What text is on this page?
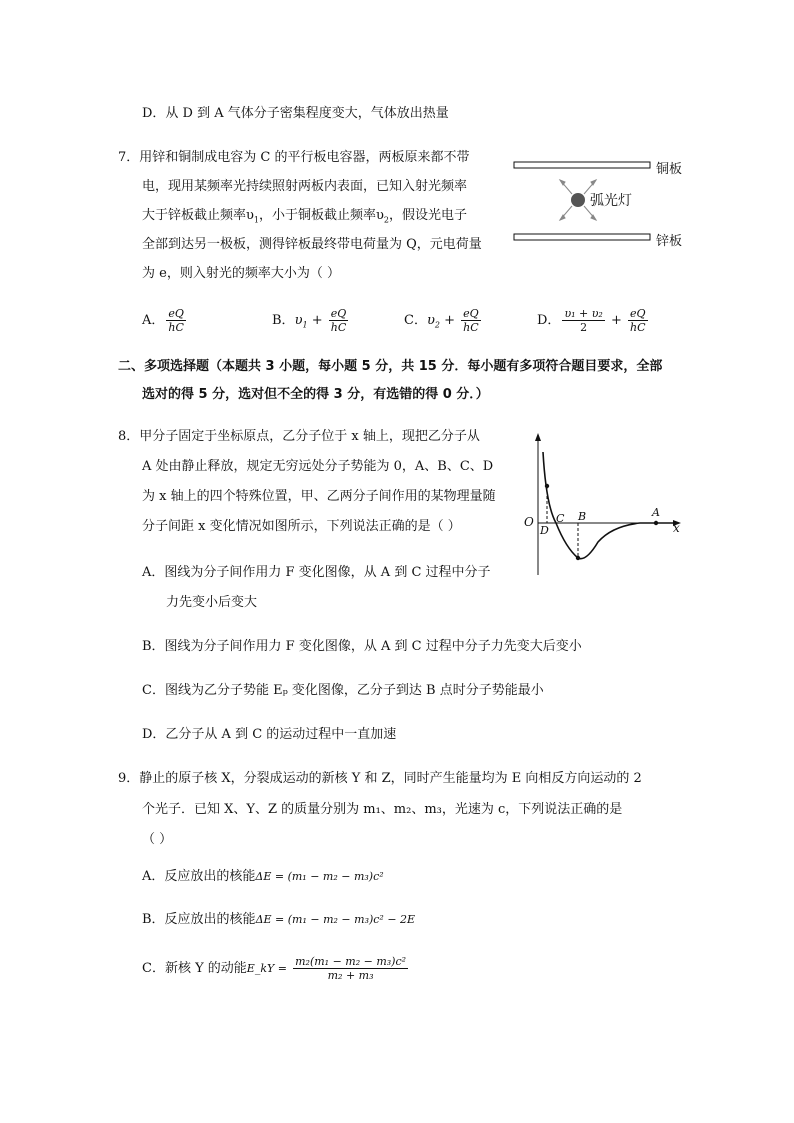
D．从 D 到 A 气体分子密集程度变大，气体放出热量
7．用锌和铜制成电容为 C 的平行板电容器，两板原来都不带
电，现用某频率光持续照射两板内表面，已知入射光频率
大于锌板截止频率$\upsilon_1$，小于铜板截止频率$\upsilon_2$，假设光电子
全部到达另一极板，测得锌板最终带电荷量为 Q，元电荷量
为 e，则入射光的频率大小为（ ）
铜板
锌板
弧光灯
A． $\frac{eQ}{hC}$	B．$\upsilon_1 + \frac{eQ}{hC}$	C．$\upsilon_2 + \frac{eQ}{hC}$	D． $\frac{\text{υ₁ + υ₂}}{2} + \frac{eQ}{hC}$
二、多项选择题（本题共 3 小题，每小题 5 分，共 15 分．每小题有多项符合题目要求，全部
选对的得 5 分，选对但不全的得 3 分，有选错的得 0 分．）
8．甲分子固定于坐标原点，乙分子位于 x 轴上，现把乙分子从
A 处由静止释放，规定无穷远处分子势能为 0，A、B、C、D
为 x 轴上的四个特殊位置，甲、乙两分子间作用的某物理量随
分子间距 x 变化情况如图所示，下列说法正确的是（ ）	O	x
A
B
C
D
A．图线为分子间作用力 F 变化图像，从 A 到 C 过程中分子
力先变小后变大
B．图线为分子间作用力 F 变化图像，从 A 到 C 过程中分子力先变大后变小
C．图线为乙分子势能 Eₚ 变化图像，乙分子到达 B 点时分子势能最小
D．乙分子从 A 到 C 的运动过程中一直加速
9．静止的原子核 X，分裂成运动的新核 Y 和 Z，同时产生能量均为 E 向相反方向运动的 2
个光子．已知 X、Y、Z 的质量分别为 m₁、m₂、m₃，光速为 c，下列说法正确的是
（ ）
A．反应放出的核能ΔE = (m₁ − m₂ − m₃)c²
B．反应放出的核能ΔE = (m₁ − m₂ − m₃)c² − 2E
C．新核 Y 的动能E_kY = $\frac{\text{m₂(m₁ − m₂ − m₃)c²}}{\text{m₂ + m₃}}$
